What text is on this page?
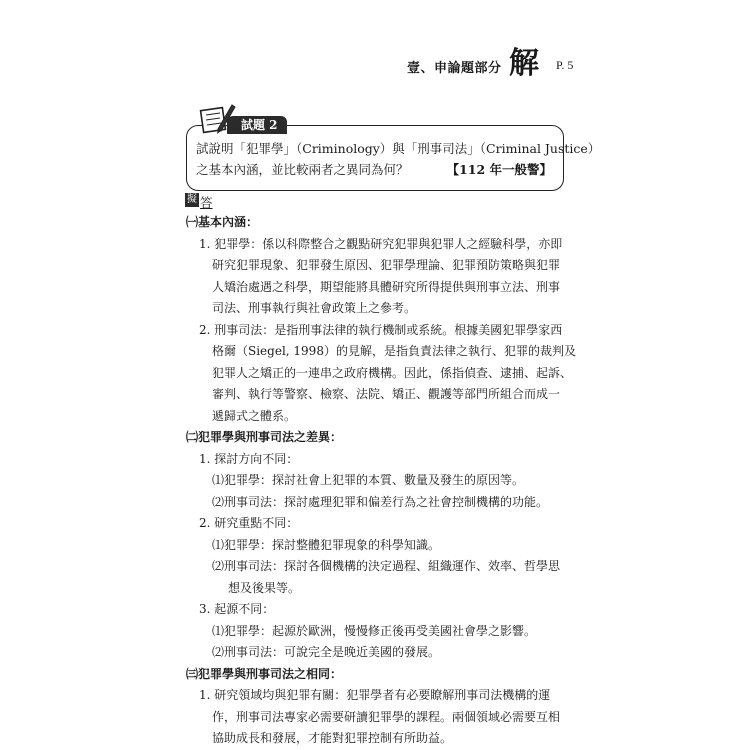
壹、申論題部分 解 P. 5
試題 2
試說明「犯罪學」（Criminology）與「刑事司法」（Criminal Justice）
之基本內涵，並比較兩者之異同為何？	【112 年一般警】
擬 答
㈠基本內涵：
1. 犯罪學：係以科際整合之觀點研究犯罪與犯罪人之經驗科學，亦即
研究犯罪現象、犯罪發生原因、犯罪學理論、犯罪預防策略與犯罪
人矯治處遇之科學，期望能將具體研究所得提供與刑事立法、刑事
司法、刑事執行與社會政策上之參考。
2. 刑事司法：是指刑事法律的執行機制或系統。根據美國犯罪學家西
格爾（Siegel, 1998）的見解，是指負責法律之執行、犯罪的裁判及
犯罪人之矯正的一連串之政府機構。因此，係指偵查、逮捕、起訴、
審判、執行等警察、檢察、法院、矯正、觀護等部門所組合而成一
遞歸式之體系。
㈡犯罪學與刑事司法之差異：
1. 探討方向不同：
⑴犯罪學：探討社會上犯罪的本質、數量及發生的原因等。
⑵刑事司法：探討處理犯罪和偏差行為之社會控制機構的功能。
2. 研究重點不同：
⑴犯罪學：探討整體犯罪現象的科學知識。
⑵刑事司法：探討各個機構的決定過程、組織運作、效率、哲學思
想及後果等。
3. 起源不同：
⑴犯罪學：起源於歐洲，慢慢修正後再受美國社會學之影響。
⑵刑事司法：可說完全是晚近美國的發展。
㈢犯罪學與刑事司法之相同：
1. 研究領域均與犯罪有關：犯罪學者有必要瞭解刑事司法機構的運
作，刑事司法專家必需要研讀犯罪學的課程。兩個領域必需要互相
協助成長和發展，才能對犯罪控制有所助益。
